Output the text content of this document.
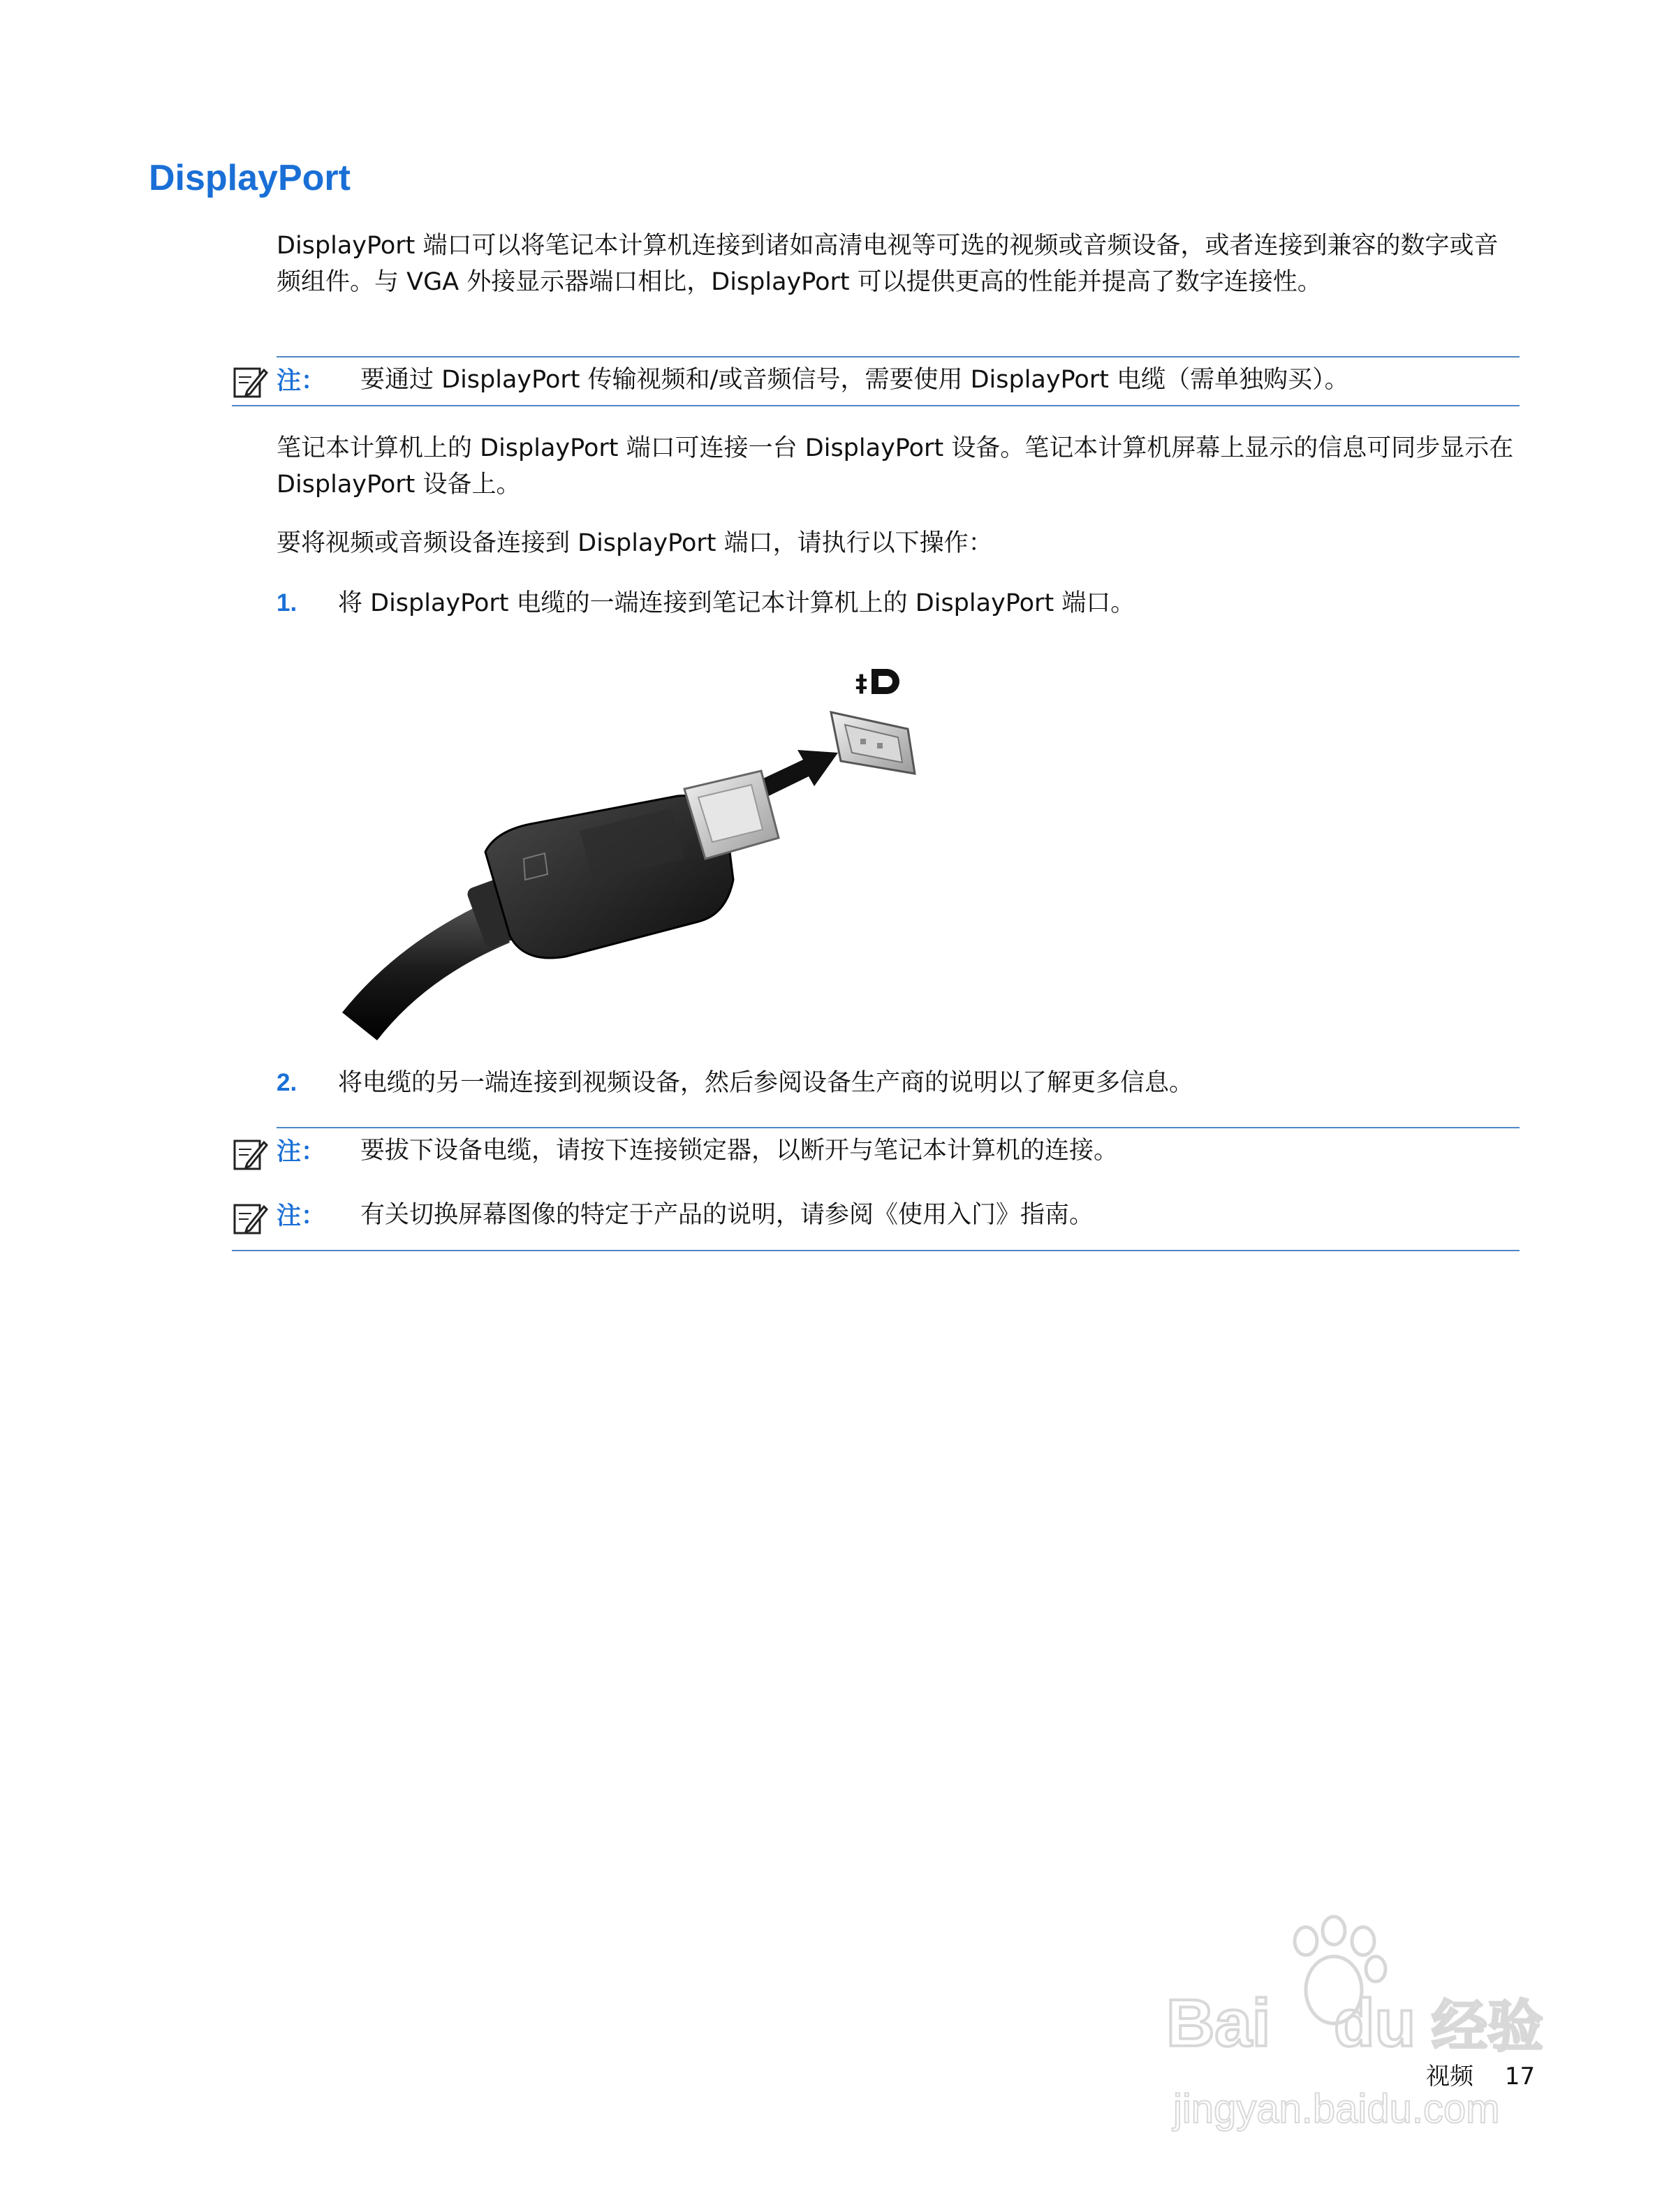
DisplayPort

DisplayPort 端口可以将笔记本计算机连接到诸如高清电视等可选的视频或音频设备，或者连接到兼容的数字或音频组件。与 VGA 外接显示器端口相比，DisplayPort 可以提供更高的性能并提高了数字连接性。

注： 要通过 DisplayPort 传输视频和/或音频信号，需要使用 DisplayPort 电缆（需单独购买）。

笔记本计算机上的 DisplayPort 端口可连接一台 DisplayPort 设备。笔记本计算机屏幕上显示的信息可同步显示在 DisplayPort 设备上。

要将视频或音频设备连接到 DisplayPort 端口，请执行以下操作：

1. 将 DisplayPort 电缆的一端连接到笔记本计算机上的 DisplayPort 端口。
‡
2. 将电缆的另一端连接到视频设备，然后参阅设备生产商的说明以了解更多信息。
注： 要拔下设备电缆，请按下连接锁定器，以断开与笔记本计算机的连接。
注： 有关切换屏幕图像的特定于产品的说明，请参阅《使用入门》指南。
Bai du 经验
jingyan.baidu.com
视频 17
